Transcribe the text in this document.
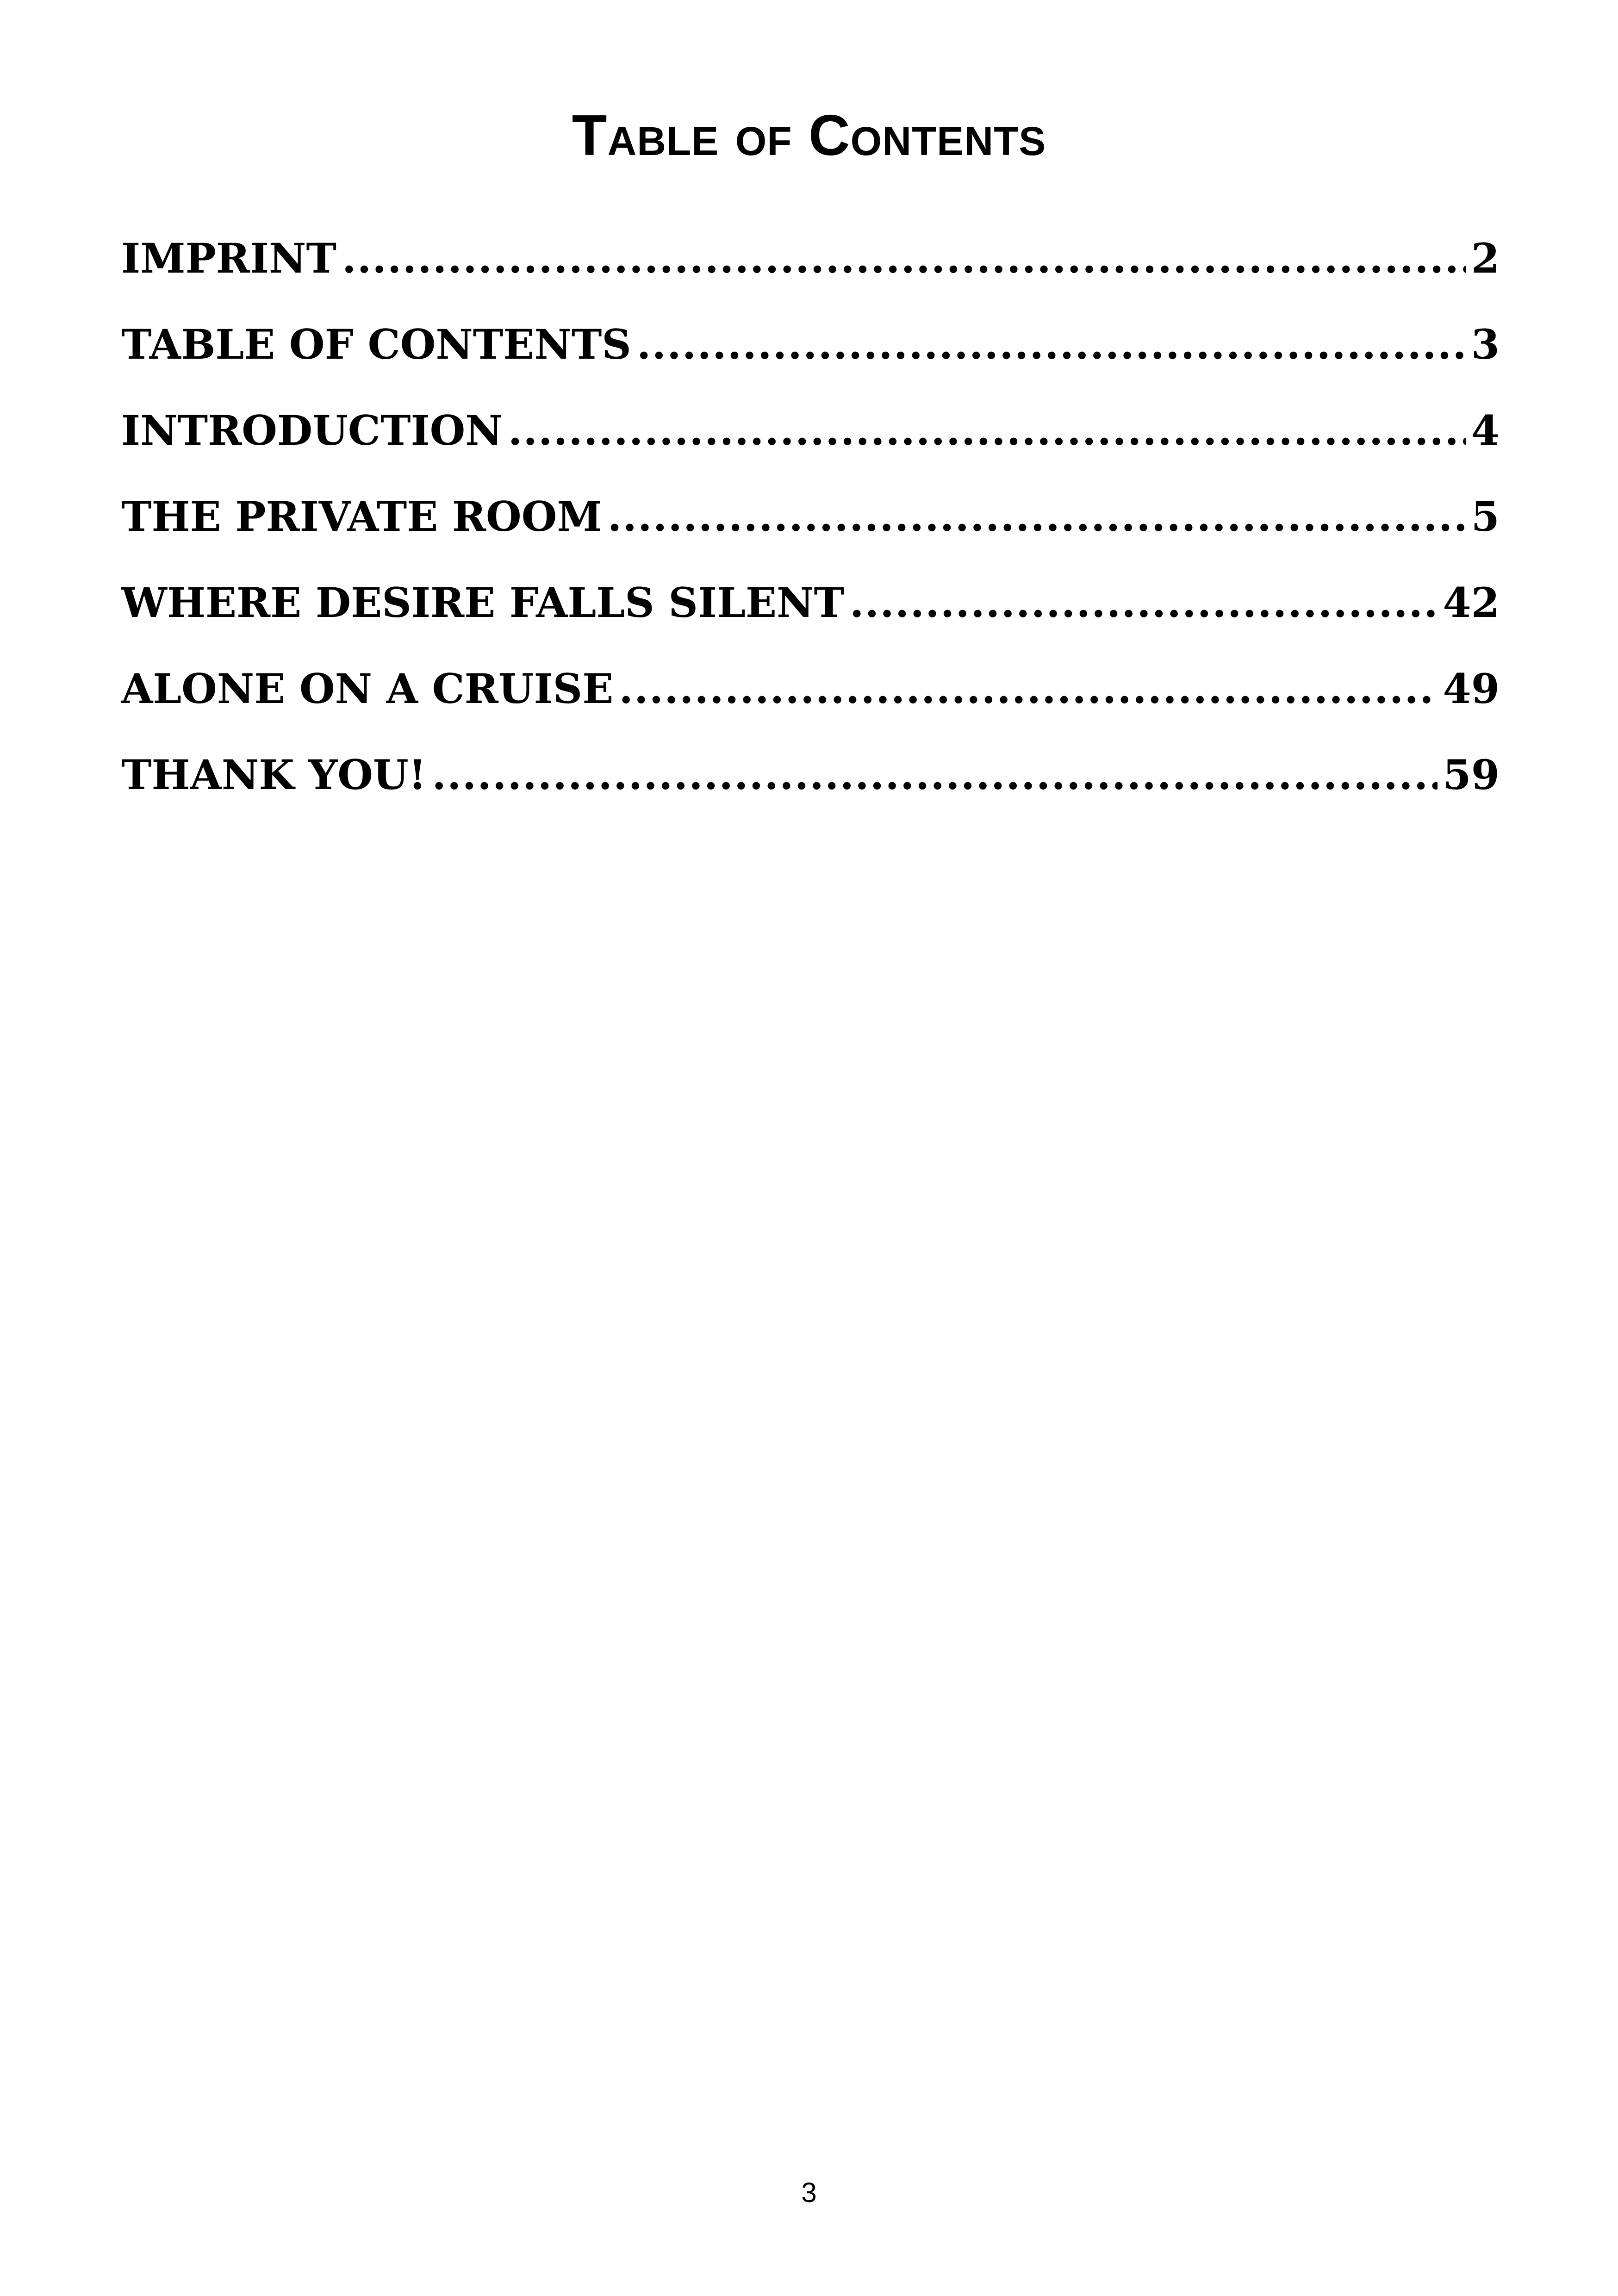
Table of Contents
IMPRINT .....	2
TABLE OF CONTENTS .....	3
INTRODUCTION .....	4
THE PRIVATE ROOM .....	5
WHERE DESIRE FALLS SILENT .....	42
ALONE ON A CRUISE .....	49
THANK YOU! .....	59
3
